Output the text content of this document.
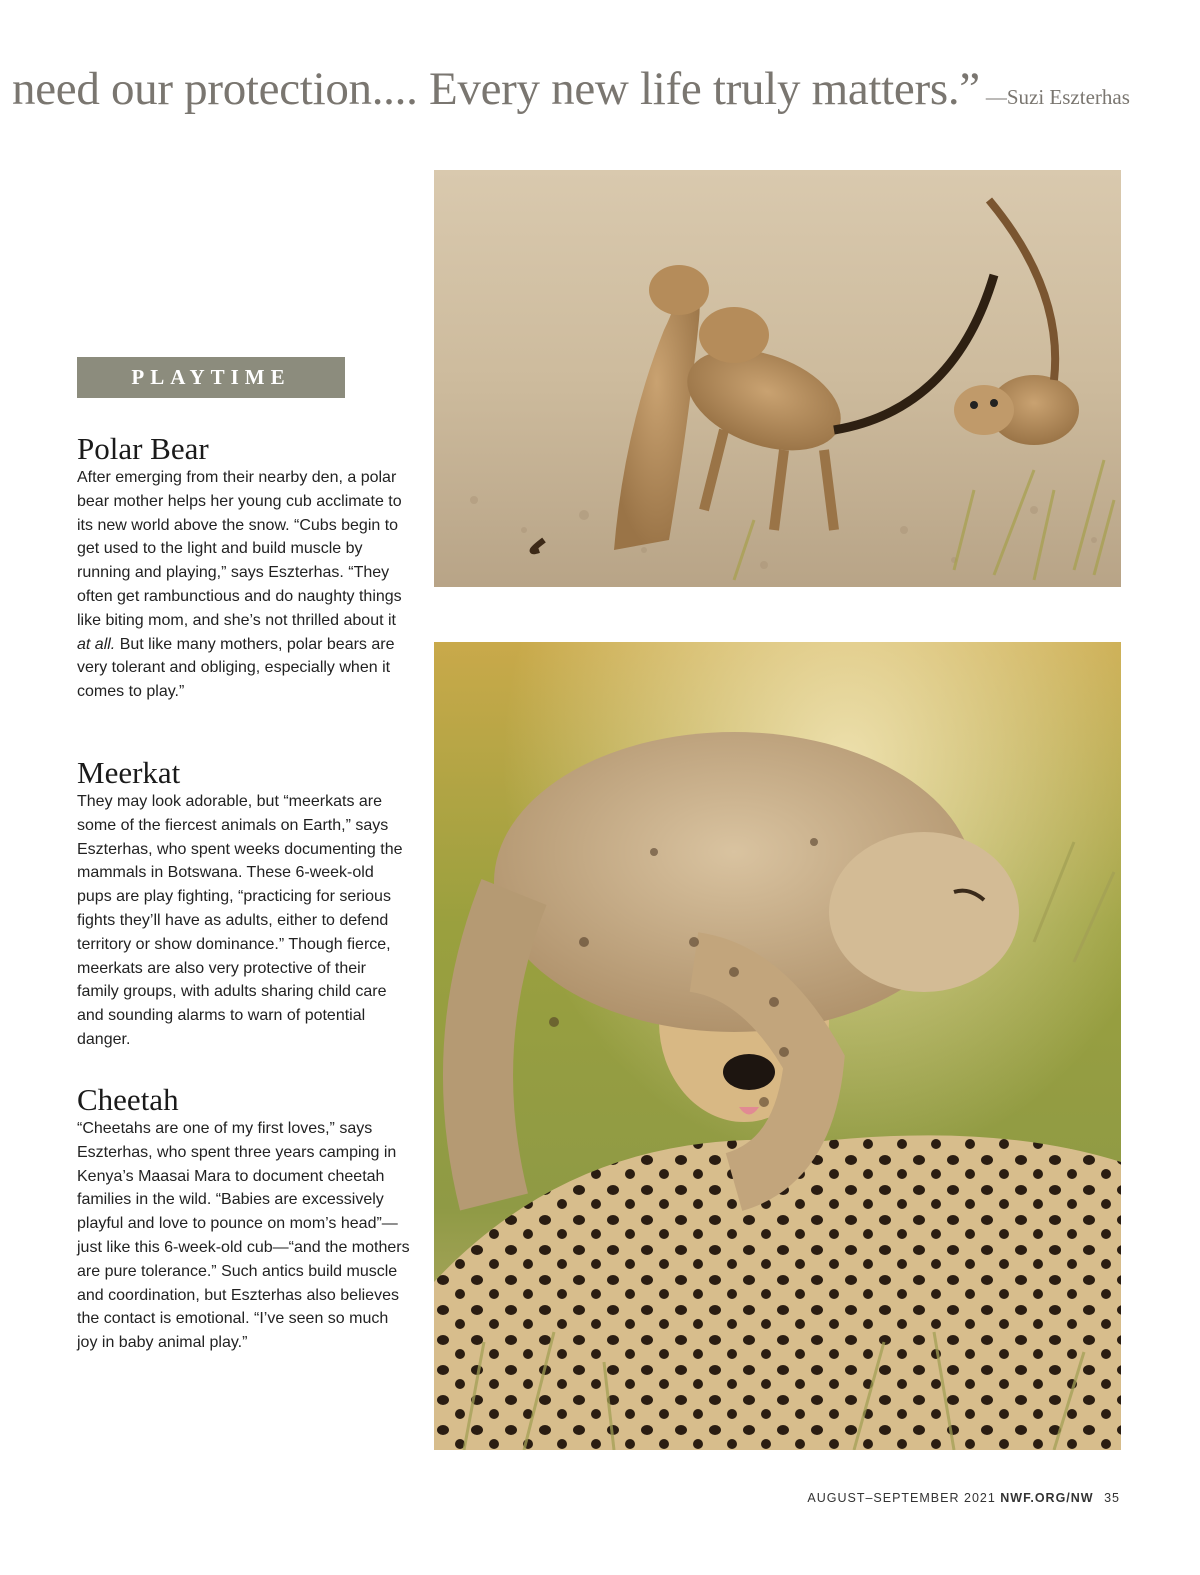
need our protection.... Every new life truly matters.” —Suzi Eszterhas
PLAYTIME
Polar Bear

After emerging from their nearby den, a polar bear mother helps her young cub acclimate to its new world above the snow. “Cubs begin to get used to the light and build muscle by running and playing,” says Eszterhas. “They often get rambunctious and do naughty things like biting mom, and she’s not thrilled about it at all. But like many mothers, polar bears are very tolerant and obliging, especially when it comes to play.”

Meerkat

They may look adorable, but “meerkats are some of the fiercest animals on Earth,” says Eszterhas, who spent weeks documenting the mammals in Botswana. These 6-week-old pups are play fighting, “practicing for serious fights they’ll have as adults, either to defend territory or show dominance.” Though fierce, meerkats are also very protective of their family groups, with adults sharing child care and sounding alarms to warn of potential danger.

Cheetah

“Cheetahs are one of my first loves,” says Eszterhas, who spent three years camping in Kenya’s Maasai Mara to document cheetah families in the wild. “Babies are excessively playful and love to pounce on mom’s head”—just like this 6-week-old cub—“and the mothers are pure tolerance.” Such antics build muscle and coordination, but Eszterhas also believes the contact is emotional. “I’ve seen so much joy in baby animal play.”

AUGUST–SEPTEMBER 2021 NWF.ORG/NW 35
